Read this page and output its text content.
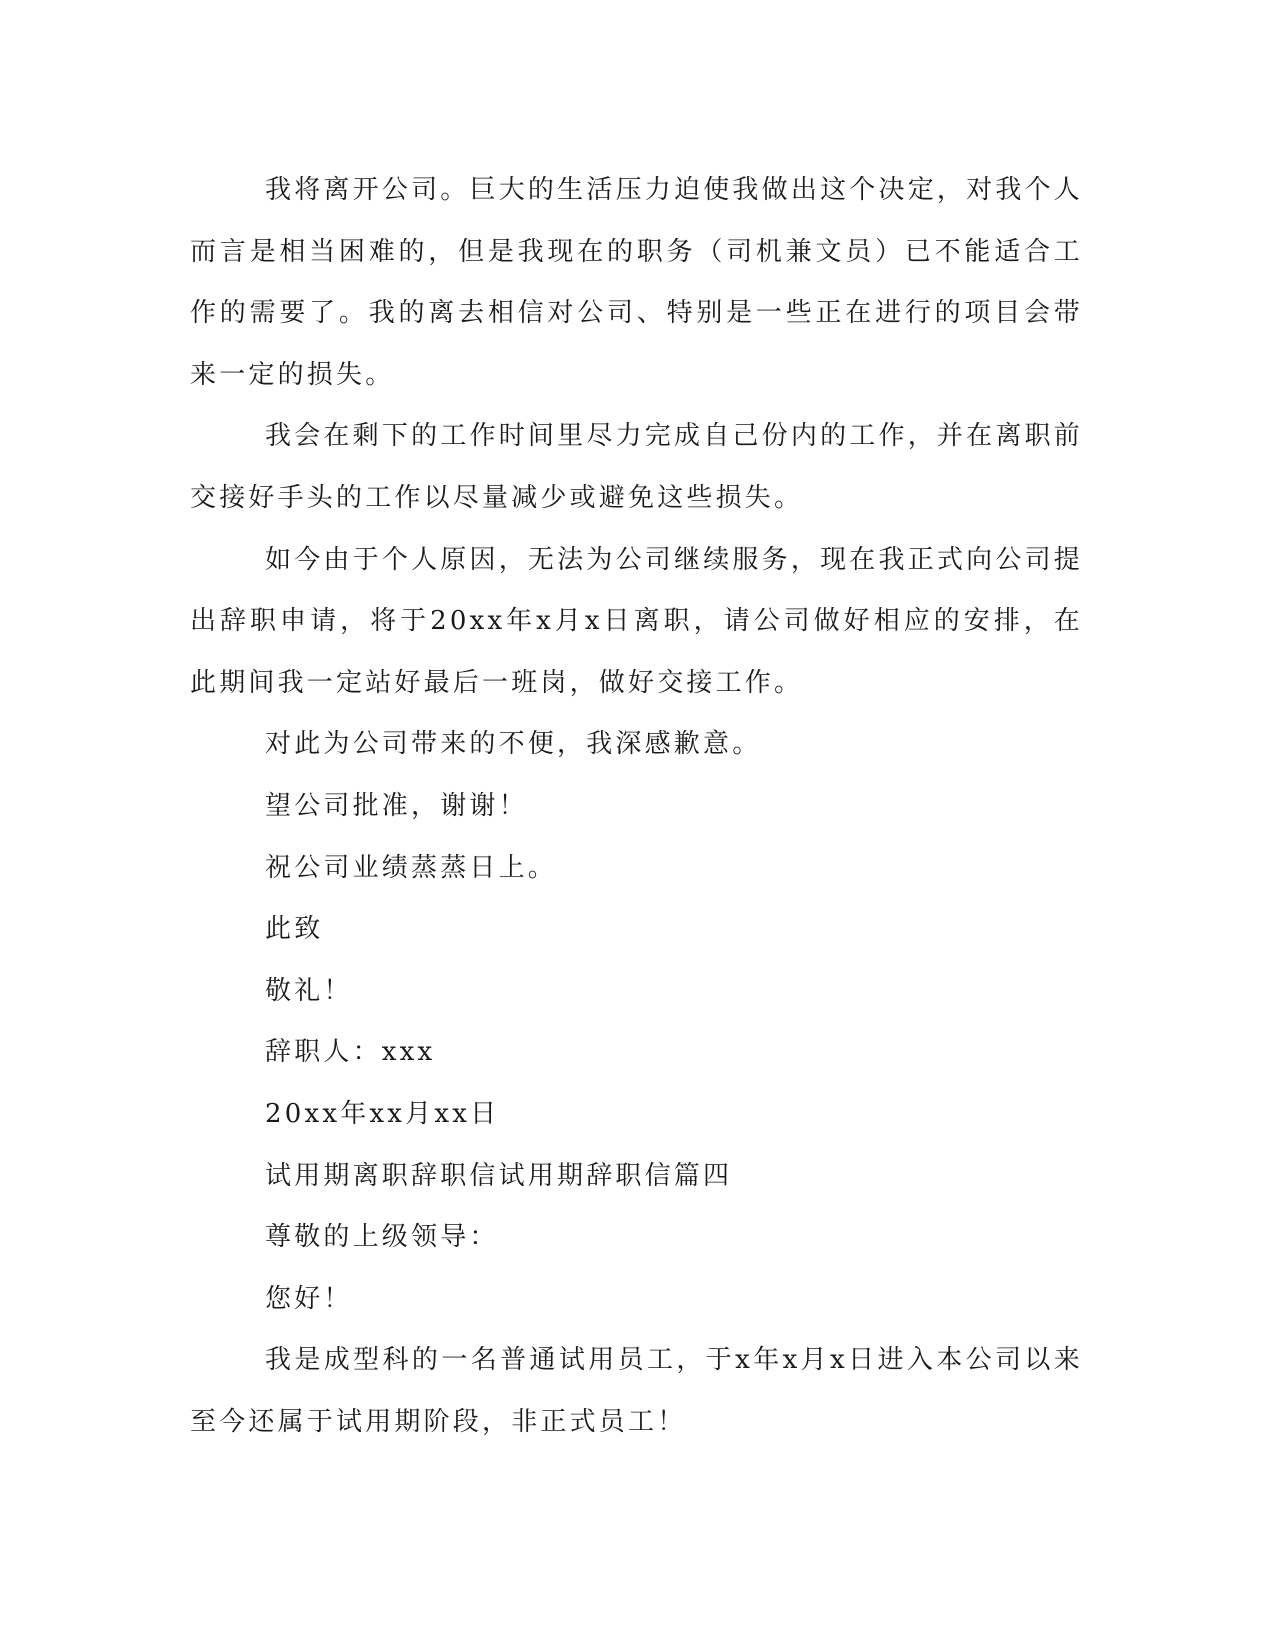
我将离开公司。巨大的生活压力迫使我做出这个决定，对我个人而言是相当困难的，但是我现在的职务（司机兼文员）已不能适合工作的需要了。我的离去相信对公司、特别是一些正在进行的项目会带来一定的损失。

我会在剩下的工作时间里尽力完成自己份内的工作，并在离职前交接好手头的工作以尽量减少或避免这些损失。

如今由于个人原因，无法为公司继续服务，现在我正式向公司提出辞职申请，将于20xx年x月x日离职，请公司做好相应的安排，在此期间我一定站好最后一班岗，做好交接工作。

对此为公司带来的不便，我深感歉意。

望公司批准，谢谢！

祝公司业绩蒸蒸日上。

此致

敬礼！

辞职人：xxx

20xx年xx月xx日

试用期离职辞职信试用期辞职信篇四

尊敬的上级领导：

您好！

我是成型科的一名普通试用员工，于x年x月x日进入本公司以来至今还属于试用期阶段，非正式员工！
